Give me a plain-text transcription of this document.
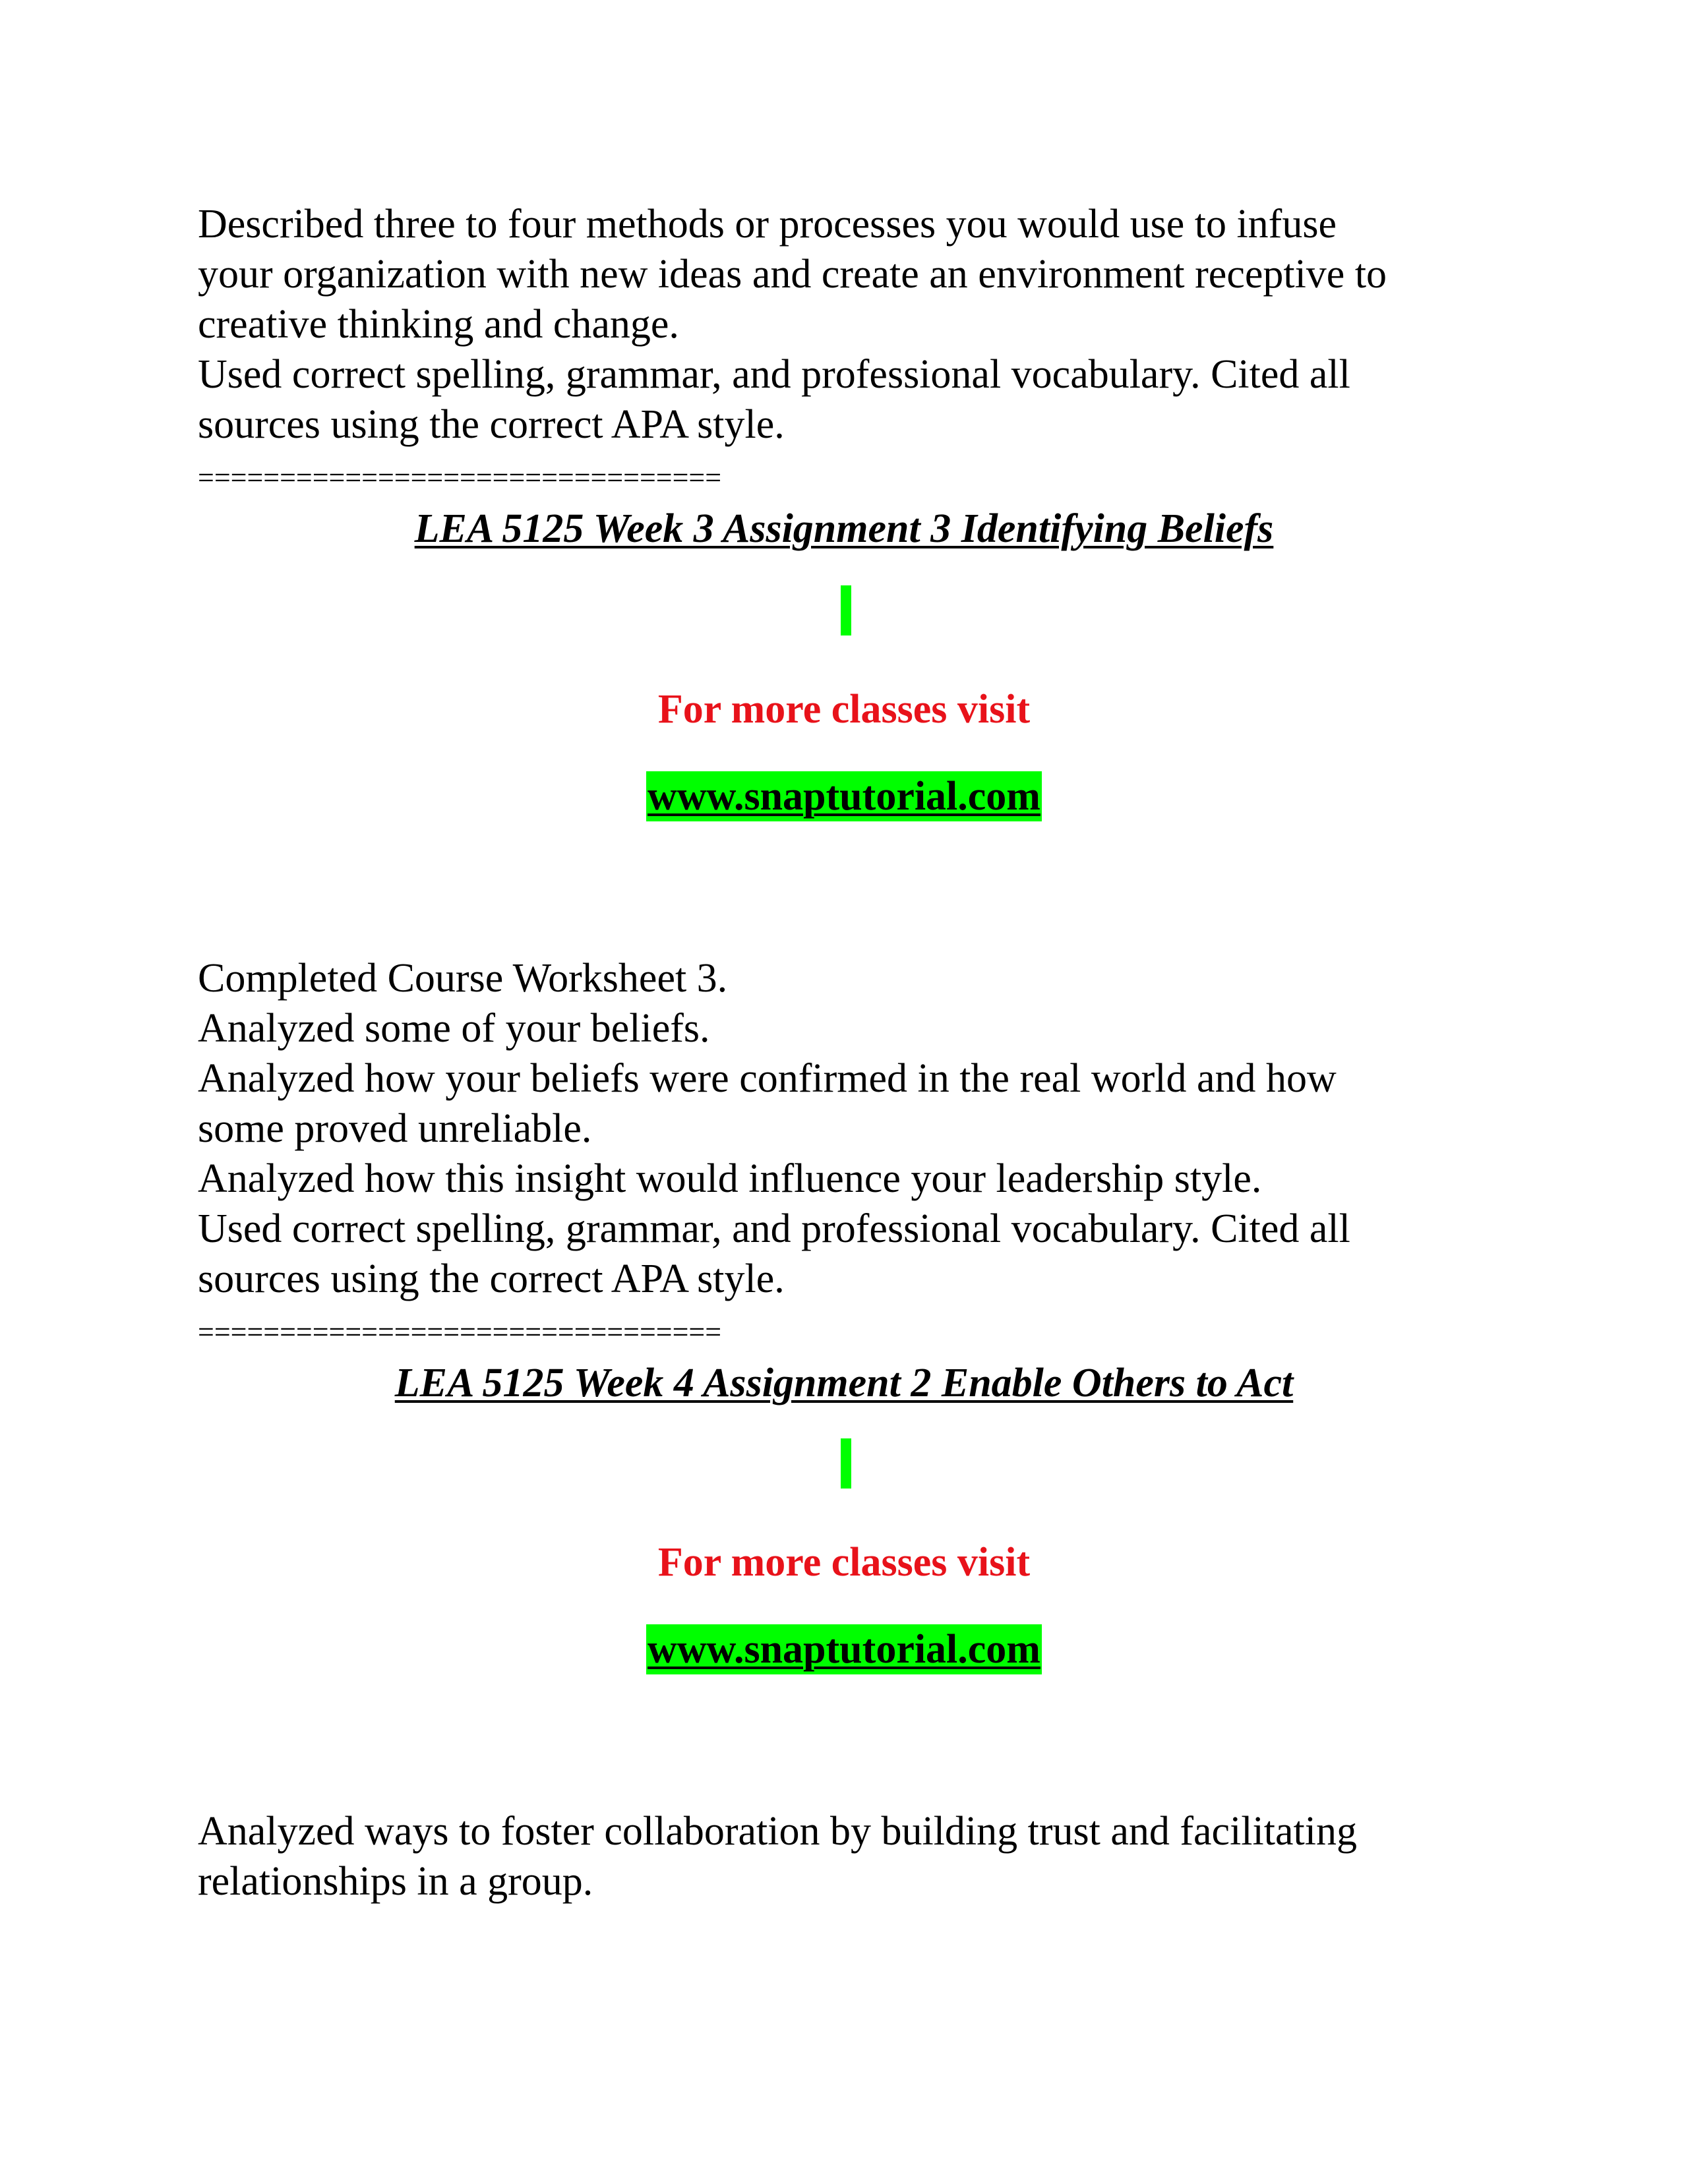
Described three to four methods or processes you would use to infuse

your organization with new ideas and create an environment receptive to

creative thinking and change.

Used correct spelling, grammar, and professional vocabulary. Cited all

sources using the correct APA style.

================================
LEA 5125 Week 3 Assignment 3 Identifying Beliefs
For more classes visit
www.snaptutorial.com

Completed Course Worksheet 3.

Analyzed some of your beliefs.

Analyzed how your beliefs were confirmed in the real world and how

some proved unreliable.

Analyzed how this insight would influence your leadership style.

Used correct spelling, grammar, and professional vocabulary. Cited all

sources using the correct APA style.

================================
LEA 5125 Week 4 Assignment 2 Enable Others to Act
For more classes visit
www.snaptutorial.com

Analyzed ways to foster collaboration by building trust and facilitating

relationships in a group.
